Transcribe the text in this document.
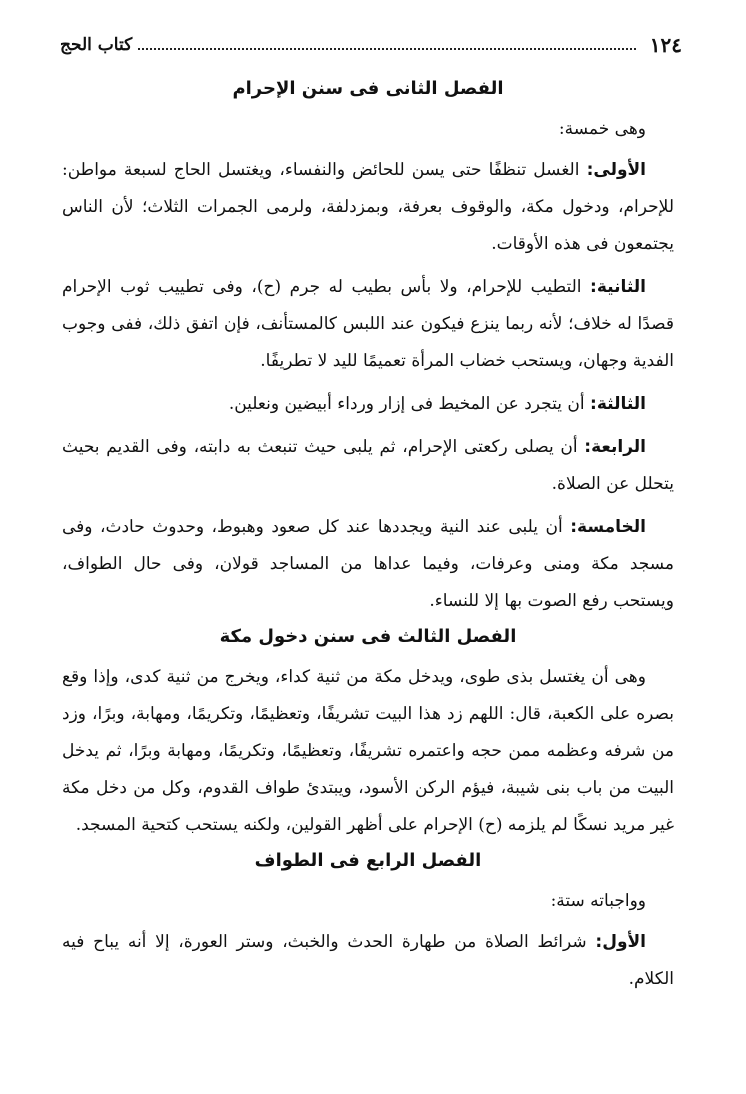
١٢٤
كتاب الحج
الفصل الثانى فى سنن الإحرام

وهى خمسة:

الأولى: الغسل تنظفًا حتى يسن للحائض والنفساء، ويغتسل الحاج لسبعة مواطن: للإحرام، ودخول مكة، والوقوف بعرفة، وبمزدلفة، ولرمى الجمرات الثلاث؛ لأن الناس يجتمعون فى هذه الأوقات.

الثانية: التطيب للإحرام، ولا بأس بطيب له جرم (ح)، وفى تطييب ثوب الإحرام قصدًا له خلاف؛ لأنه ربما ينزع فيكون عند اللبس كالمستأنف، فإن اتفق ذلك، ففى وجوب الفدية وجهان، ويستحب خضاب المرأة تعميمًا لليد لا تطريفًا.

الثالثة: أن يتجرد عن المخيط فى إزار ورداء أبيضين ونعلين.

الرابعة: أن يصلى ركعتى الإحرام، ثم يلبى حيث تنبعث به دابته، وفى القديم بحيث يتحلل عن الصلاة.

الخامسة: أن يلبى عند النية ويجددها عند كل صعود وهبوط، وحدوث حادث، وفى مسجد مكة ومنى وعرفات، وفيما عداها من المساجد قولان، وفى حال الطواف، ويستحب رفع الصوت بها إلا للنساء.

الفصل الثالث فى سنن دخول مكة

وهى أن يغتسل بذى طوى، ويدخل مكة من ثنية كداء، ويخرج من ثنية كدى، وإذا وقع بصره على الكعبة، قال: اللهم زد هذا البيت تشريفًا، وتعظيمًا، وتكريمًا، ومهابة، وبرًا، وزد من شرفه وعظمه ممن حجه واعتمره تشريفًا، وتعظيمًا، وتكريمًا، ومهابة وبرًا، ثم يدخل البيت من باب بنى شيبة، فيؤم الركن الأسود، ويبتدئ طواف القدوم، وكل من دخل مكة غير مريد نسكًا لم يلزمه (ح) الإحرام على أظهر القولين، ولكنه يستحب كتحية المسجد.

الفصل الرابع فى الطواف

وواجباته ستة:

الأول: شرائط الصلاة من طهارة الحدث والخبث، وستر العورة، إلا أنه يباح فيه الكلام.
